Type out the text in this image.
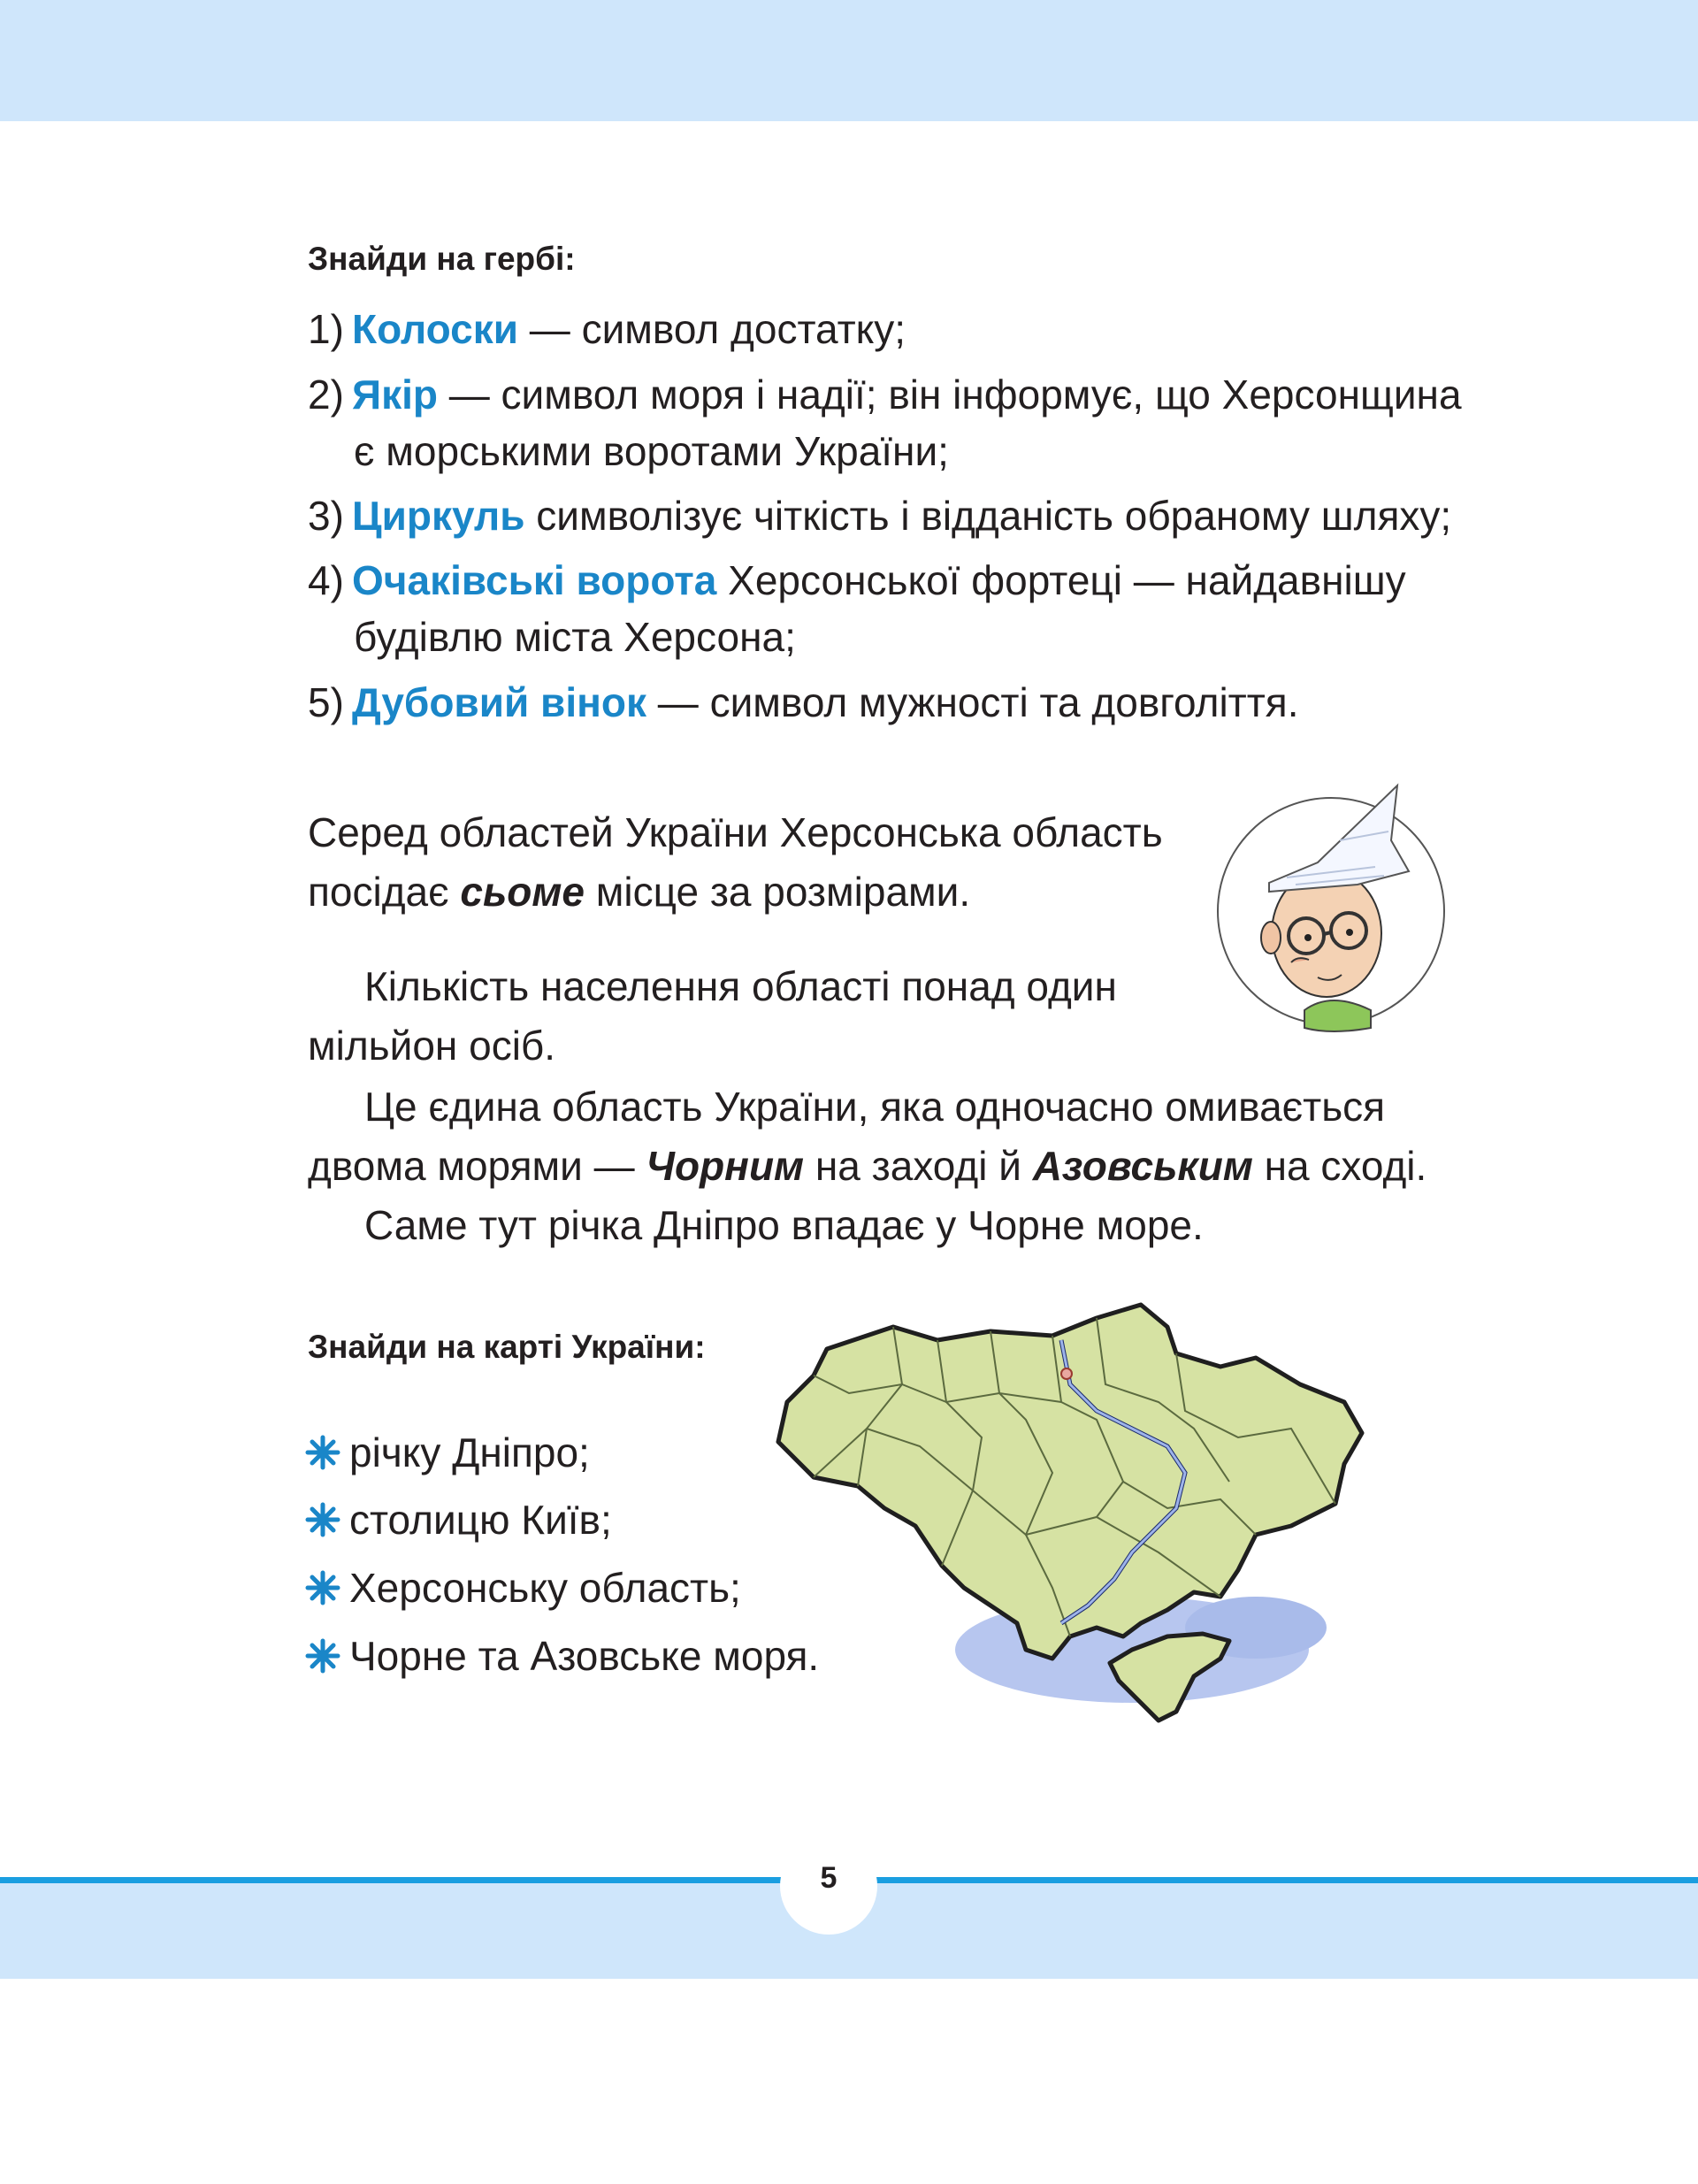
Знайди на гербі:
1) Колоски — символ достатку;
2) Якір — символ моря і надії; він інформує, що Херсонщина
є морськими воротами України;
3) Циркуль символізує чіткість і відданість обраному шляху;
4) Очаківські ворота Херсонської фортеці — найдавнішу
будівлю міста Херсона;
5) Дубовий вінок — символ мужності та довголіття.
Серед областей України Херсонська область
посідає сьоме місце за розмірами.
Кількість населення області понад один
мільйон осіб.
Це єдина область України, яка одночасно омивається
двома морями — Чорним на заході й Азовським на сході.
Саме тут річка Дніпро впадає у Чорне море.
Знайди на карті України:
річку Дніпро;
столицю Київ;
Херсонську область;
Чорне та Азовське моря.
5
